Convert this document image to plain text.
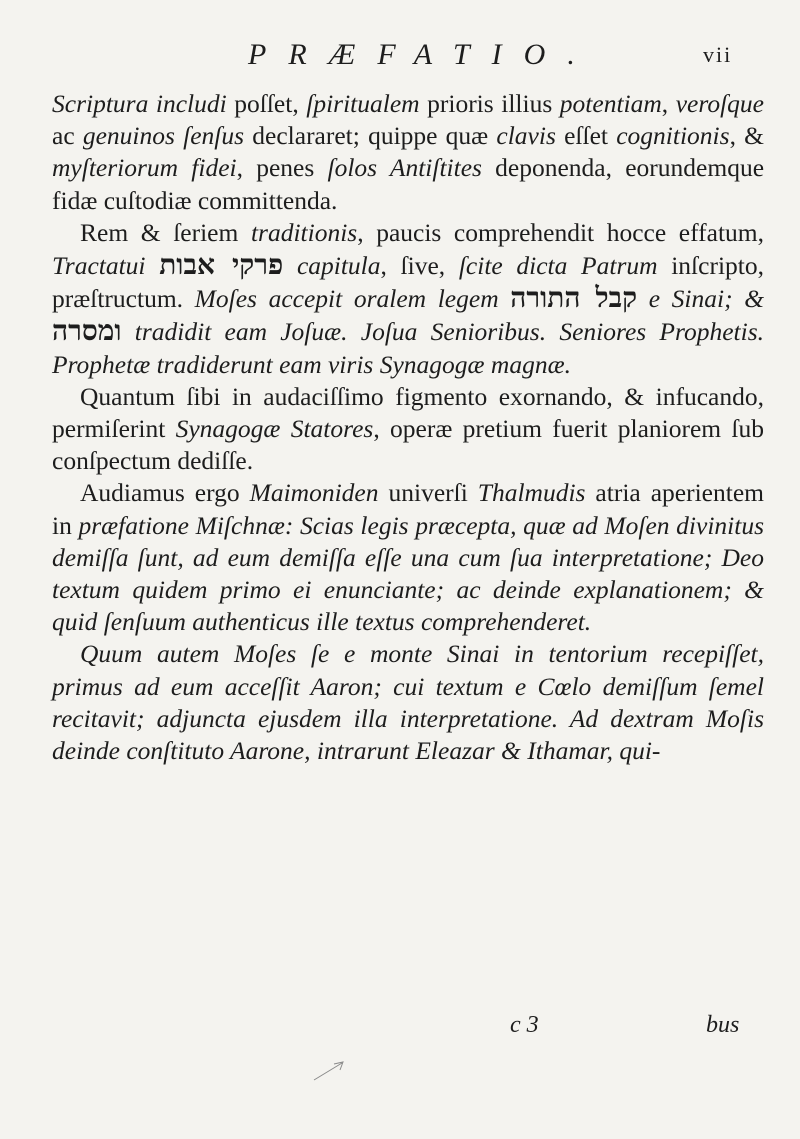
PRÆFATIO.	vii

Scriptura includi poſſet, ſpiritualem prioris illius potentiam, veroſque ac genuinos ſenſus declararet; quippe quæ clavis eſſet cognitionis, & myſteriorum fidei, penes ſolos Antiſtites deponenda, eorundemque fidæ cuſtodiæ committenda.

Rem & ſeriem traditionis, paucis comprehendit hocce effatum, Tractatui פרקי אבות capitula, ſive, ſcite dicta Patrum inſcripto, præſtructum. Moſes accepit oralem legem קבל התורה e Sinai; & ומסרה tradidit eam Joſuæ. Joſua Senioribus. Seniores Prophetis. Prophetæ tradiderunt eam viris Synagogæ magnæ.

Quantum ſibi in audaciſſimo figmento exornando, & infucando, permiſerint Synagogæ Statores, operæ pretium fuerit planiorem ſub conſpectum dediſſe.

Audiamus ergo Maimoniden univerſi Thalmudis atria aperientem in præfatione Miſchnæ: Scias legis præcepta, quæ ad Moſen divinitus demiſſa ſunt, ad eum demiſſa eſſe una cum ſua interpretatione; Deo textum quidem primo ei enunciante; ac deinde explanationem; & quid ſenſuum authenticus ille textus comprehenderet.

Quum autem Moſes ſe e monte Sinai in tentorium recepiſſet, primus ad eum acceſſit Aaron; cui textum e Cœlo demiſſum ſemel recitavit; adjuncta ejusdem illa interpretatione. Ad dextram Moſis deinde conſtituto Aarone, intrarunt Eleazar & Ithamar, qui-

c 3	bus
